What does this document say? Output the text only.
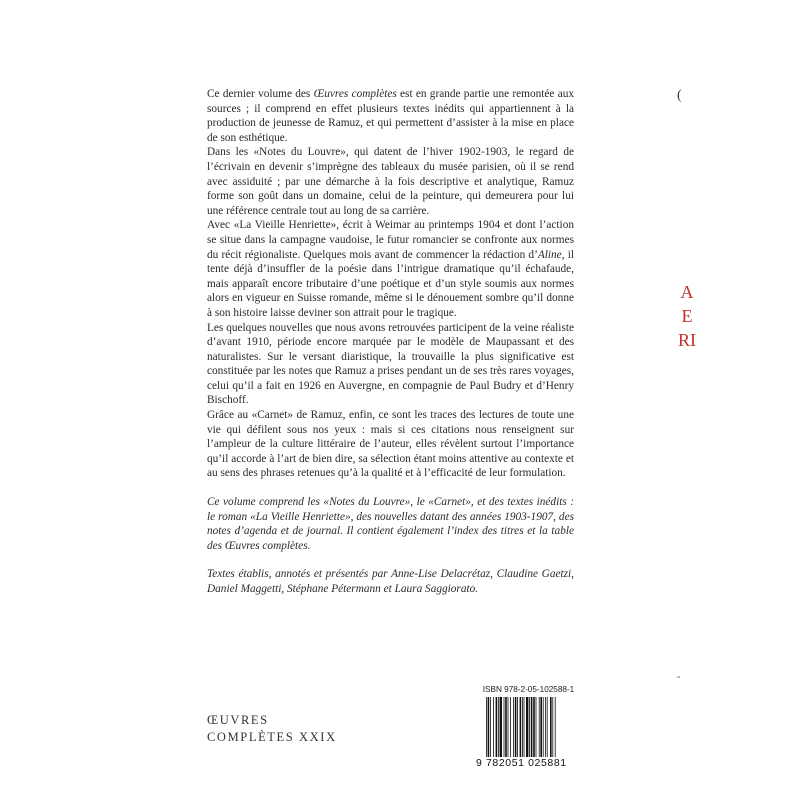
Ce dernier volume des Œuvres complètes est en grande partie une remontée aux sources ; il comprend en effet plusieurs textes inédits qui appartiennent à la production de jeunesse de Ramuz, et qui permettent d’assister à la mise en place de son esthétique.

Dans les «Notes du Louvre», qui datent de l’hiver 1902-1903, le regard de l’écrivain en devenir s’imprègne des tableaux du musée parisien, où il se rend avec assiduité ; par une démarche à la fois descriptive et analytique, Ramuz forme son goût dans un domaine, celui de la peinture, qui demeurera pour lui une référence centrale tout au long de sa carrière.

Avec «La Vieille Henriette», écrit à Weimar au printemps 1904 et dont l’action se situe dans la campagne vaudoise, le futur romancier se confronte aux normes du récit régionaliste. Quelques mois avant de commencer la rédaction d’Aline, il tente déjà d’insuffler de la poésie dans l’intrigue dramatique qu’il échafaude, mais apparaît encore tributaire d’une poétique et d’un style soumis aux normes alors en vigueur en Suisse romande, même si le dénouement sombre qu’il donne à son histoire laisse deviner son attrait pour le tragique.

Les quelques nouvelles que nous avons retrouvées participent de la veine réaliste d’avant 1910, période encore marquée par le modèle de Maupassant et des naturalistes. Sur le versant diaristique, la trouvaille la plus significative est constituée par les notes que Ramuz a prises pendant un de ses très rares voyages, celui qu’il a fait en 1926 en Auvergne, en compagnie de Paul Budry et d’Henry Bischoff.

Grâce au «Carnet» de Ramuz, enfin, ce sont les traces des lectures de toute une vie qui défilent sous nos yeux : mais si ces citations nous renseignent sur l’ampleur de la culture littéraire de l’auteur, elles révèlent surtout l’importance qu’il accorde à l’art de bien dire, sa sélection étant moins attentive au contexte et au sens des phrases retenues qu’à la qualité et à l’efficacité de leur formulation.

Ce volume comprend les «Notes du Louvre», le «Carnet», et des textes inédits : le roman «La Vieille Henriette», des nouvelles datant des années 1903-1907, des notes d’agenda et de journal. Il contient également l’index des titres et la table des Œuvres complètes.

Textes établis, annotés et présentés par Anne-Lise Delacrétaz, Claudine Gaetzi, Daniel Maggetti, Stéphane Pétermann et Laura Saggiorato.

(
A
E
RI
˝
ŒUVRES
COMPLÈTES XXIX
ISBN 978-2-05-102588-1
9 782051 025881
